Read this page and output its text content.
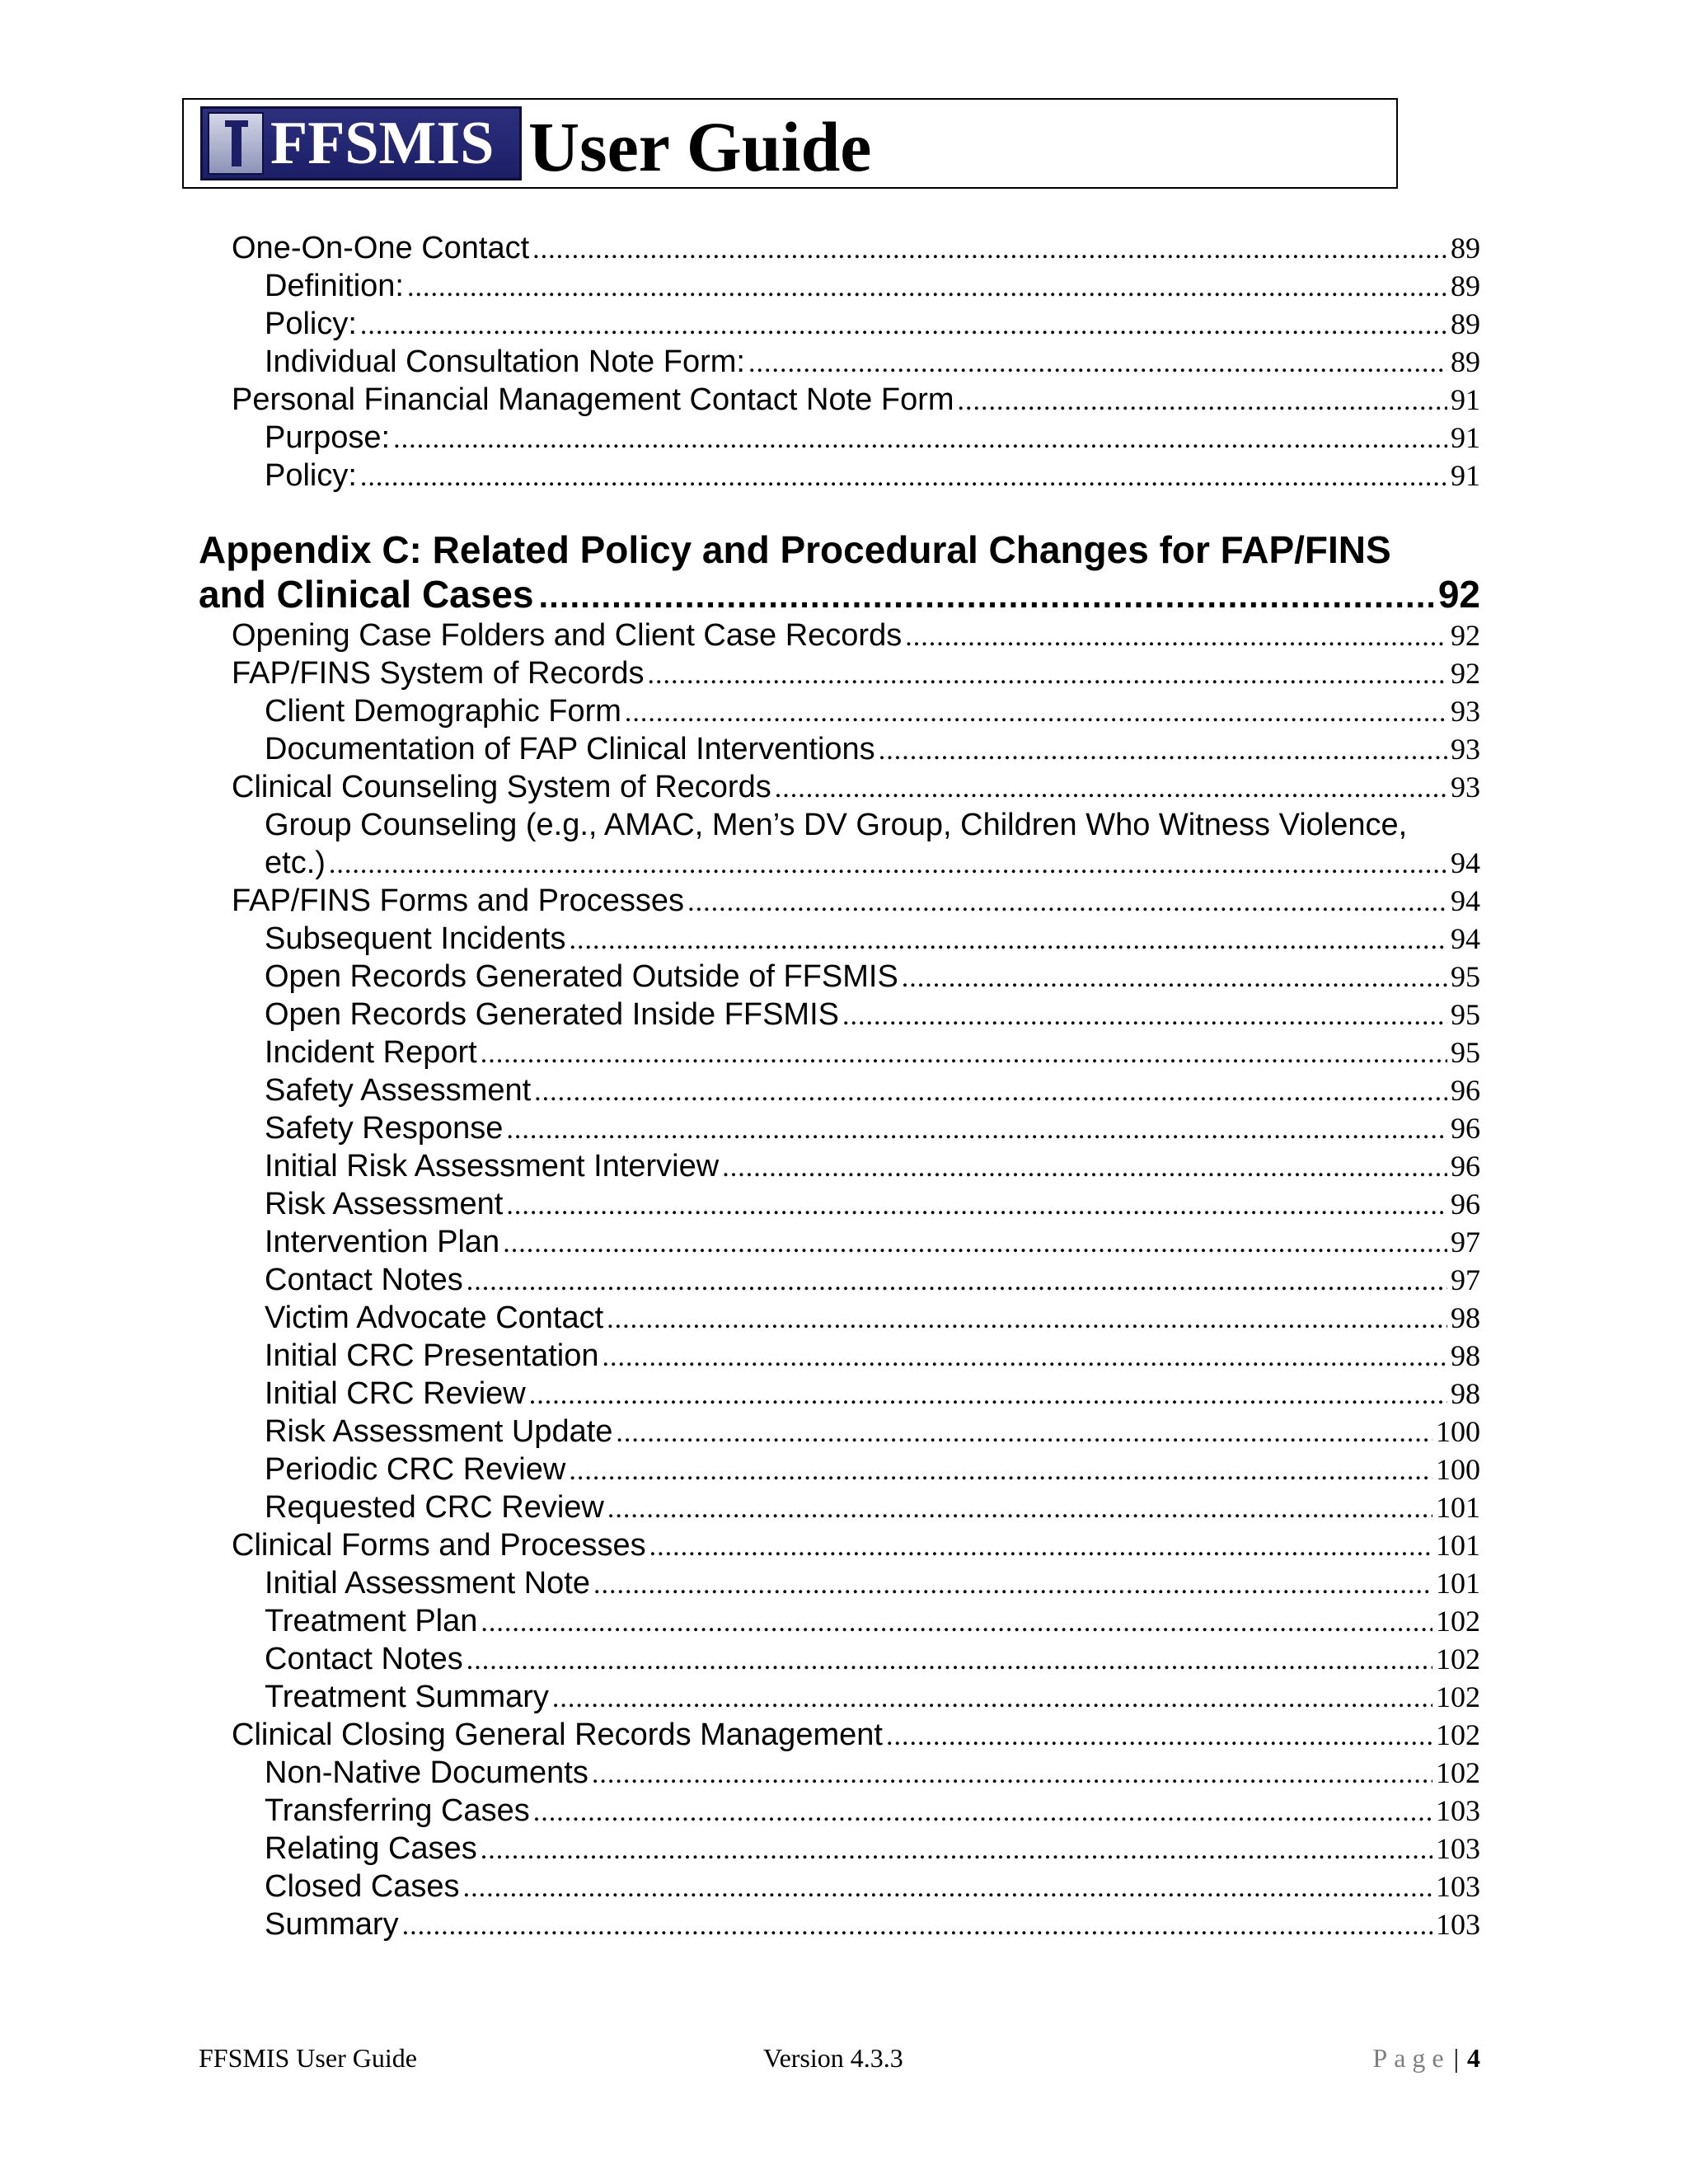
FFSMIS User Guide
One-On-One Contact .....	89
Definition: .....	89
Policy: .....	89
Individual Consultation Note Form: .....	89
Personal Financial Management Contact Note Form .....	91
Purpose: .....	91
Policy: .....	91
Appendix C: Related Policy and Procedural Changes for FAP/FINS
and Clinical Cases .....	92
Opening Case Folders and Client Case Records .....	92
FAP/FINS System of Records .....	92
Client Demographic Form .....	93
Documentation of FAP Clinical Interventions .....	93
Clinical Counseling System of Records .....	93
Group Counseling (e.g., AMAC, Men’s DV Group, Children Who Witness Violence,
etc.) .....	94
FAP/FINS Forms and Processes .....	94
Subsequent Incidents .....	94
Open Records Generated Outside of FFSMIS .....	95
Open Records Generated Inside FFSMIS .....	95
Incident Report .....	95
Safety Assessment .....	96
Safety Response .....	96
Initial Risk Assessment Interview .....	96
Risk Assessment .....	96
Intervention Plan .....	97
Contact Notes .....	97
Victim Advocate Contact .....	98
Initial CRC Presentation .....	98
Initial CRC Review .....	98
Risk Assessment Update .....	100
Periodic CRC Review .....	100
Requested CRC Review .....	101
Clinical Forms and Processes .....	101
Initial Assessment Note .....	101
Treatment Plan .....	102
Contact Notes .....	102
Treatment Summary .....	102
Clinical Closing General Records Management .....	102
Non-Native Documents .....	102
Transferring Cases .....	103
Relating Cases .....	103
Closed Cases .....	103
Summary .....	103
FFSMIS User Guide	Version 4.3.3	Page | 4
